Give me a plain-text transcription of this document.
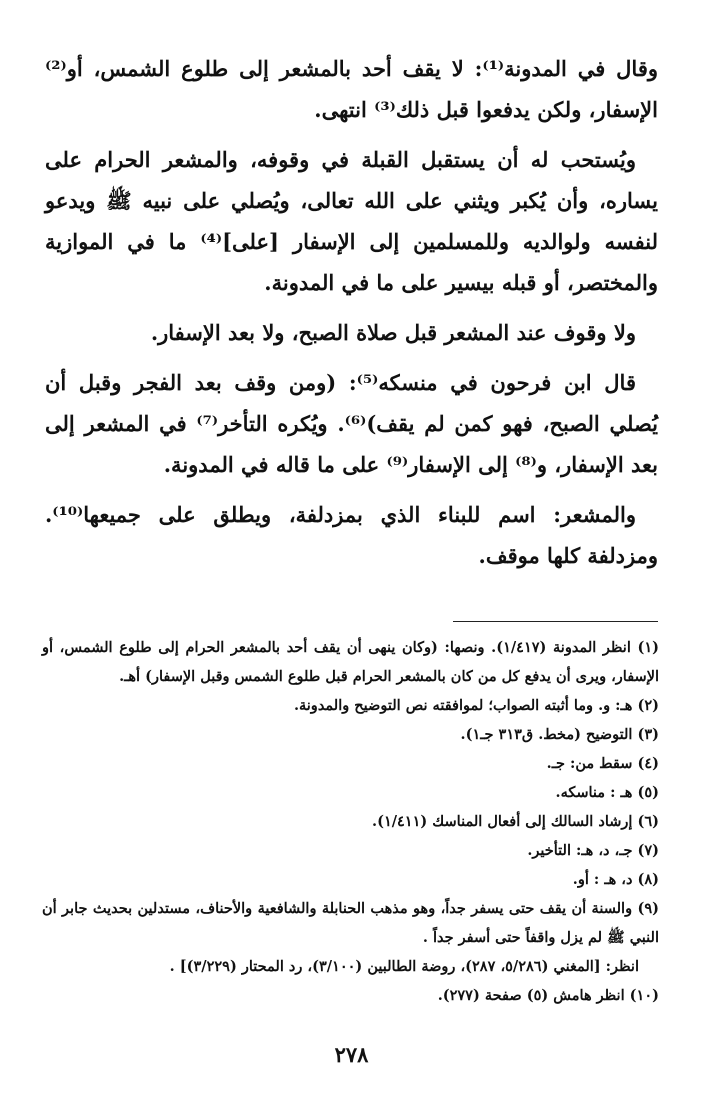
وقال في المدونة⁽¹⁾: لا يقف أحد بالمشعر إلى طلوع الشمس، أو⁽²⁾ الإسفار، ولكن يدفعوا قبل ذلك⁽³⁾ انتهى.

ويُستحب له أن يستقبل القبلة في وقوفه، والمشعر الحرام على يساره، وأن يُكبر ويثني على الله تعالى، ويُصلي على نبيه ﷺ ويدعو لنفسه ولوالديه وللمسلمين إلى الإسفار [على]⁽⁴⁾ ما في الموازية والمختصر، أو قبله بيسير على ما في المدونة.

ولا وقوف عند المشعر قبل صلاة الصبح، ولا بعد الإسفار.

قال ابن فرحون في منسكه⁽⁵⁾: (ومن وقف بعد الفجر وقبل أن يُصلي الصبح، فهو كمن لم يقف)⁽⁶⁾. ويُكره التأخر⁽⁷⁾ في المشعر إلى بعد الإسفار، و⁽⁸⁾ إلى الإسفار⁽⁹⁾ على ما قاله في المدونة.

والمشعر: اسم للبناء الذي بمزدلفة، ويطلق على جميعها⁽¹⁰⁾. ومزدلفة كلها موقف.

(١) انظر المدونة (١/٤١٧). ونصها: (وكان ينهى أن يقف أحد بالمشعر الحرام إلى طلوع الشمس، أو الإسفار، ويرى أن يدفع كل من كان بالمشعر الحرام قبل طلوع الشمس وقبل الإسفار) أهـ.

(٢) هـ: و. وما أثبته الصواب؛ لموافقته نص التوضيح والمدونة.

(٣) التوضيح (مخط. ق٣١٣ جـ١).

(٤) سقط من: جـ.

(٥) هـ : مناسكه.

(٦) إرشاد السالك إلى أفعال المناسك (١/٤١١).

(٧) جـ، د، هـ: التأخير.

(٨) د، هـ : أو.

(٩) والسنة أن يقف حتى يسفر جداً، وهو مذهب الحنابلة والشافعية والأحناف، مستدلين بحديث جابر أن النبي ﷺ لم يزل واقفاً حتى أسفر جداً .

انظر: [المغني (٥/٢٨٦، ٢٨٧)، روضة الطالبين (٣/١٠٠)، رد المحتار (٣/٢٢٩)] .

(١٠) انظر هامش (٥) صفحة (٢٧٧).

٢٧٨
